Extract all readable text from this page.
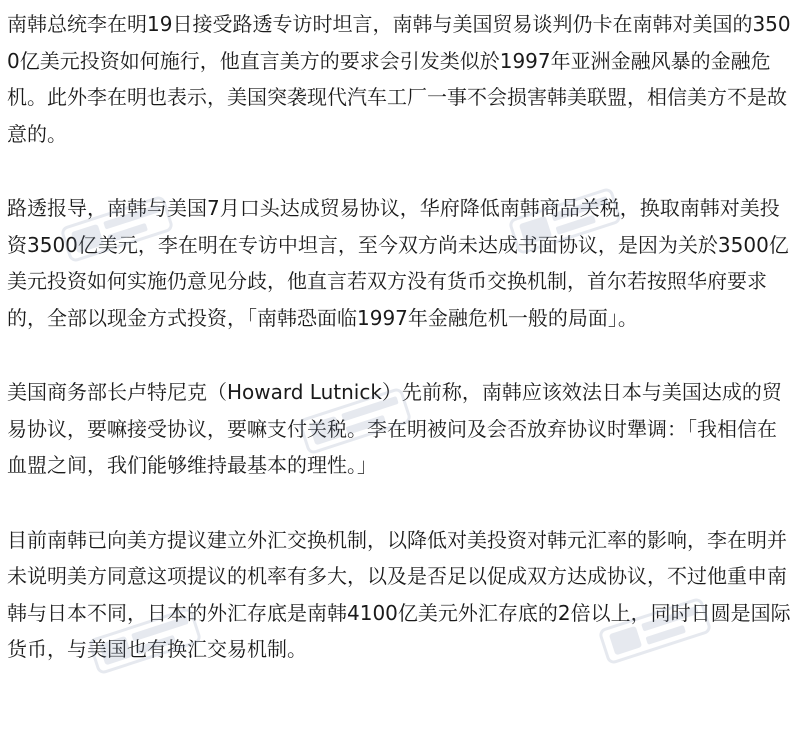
南韩总统李在明19日接受路透专访时坦言，南韩与美国贸易谈判仍卡在南韩对美国的3500亿美元投资如何施行，他直言美方的要求会引发类似於1997年亚洲金融风暴的金融危机。此外李在明也表示，美国突袭现代汽车工厂一事不会损害韩美联盟，相信美方不是故意的。

路透报导，南韩与美国7月口头达成贸易协议，华府降低南韩商品关税，换取南韩对美投资3500亿美元，李在明在专访中坦言，至今双方尚未达成书面协议，是因为关於3500亿美元投资如何实施仍意见分歧，他直言若双方没有货币交换机制，首尔若按照华府要求的，全部以现金方式投资，「南韩恐面临1997年金融危机一般的局面」。

美国商务部长卢特尼克（Howard Lutnick）先前称，南韩应该效法日本与美国达成的贸易协议，要嘛接受协议，要嘛支付关税。李在明被问及会否放弃协议时犟调：「我相信在血盟之间，我们能够维持最基本的理性。」

目前南韩已向美方提议建立外汇交换机制，以降低对美投资对韩元汇率的影响，李在明并未说明美方同意这项提议的机率有多大，以及是否足以促成双方达成协议，不过他重申南韩与日本不同，日本的外汇存底是南韩4100亿美元外汇存底的2倍以上，同时日圆是国际货币，与美国也有换汇交易机制。
